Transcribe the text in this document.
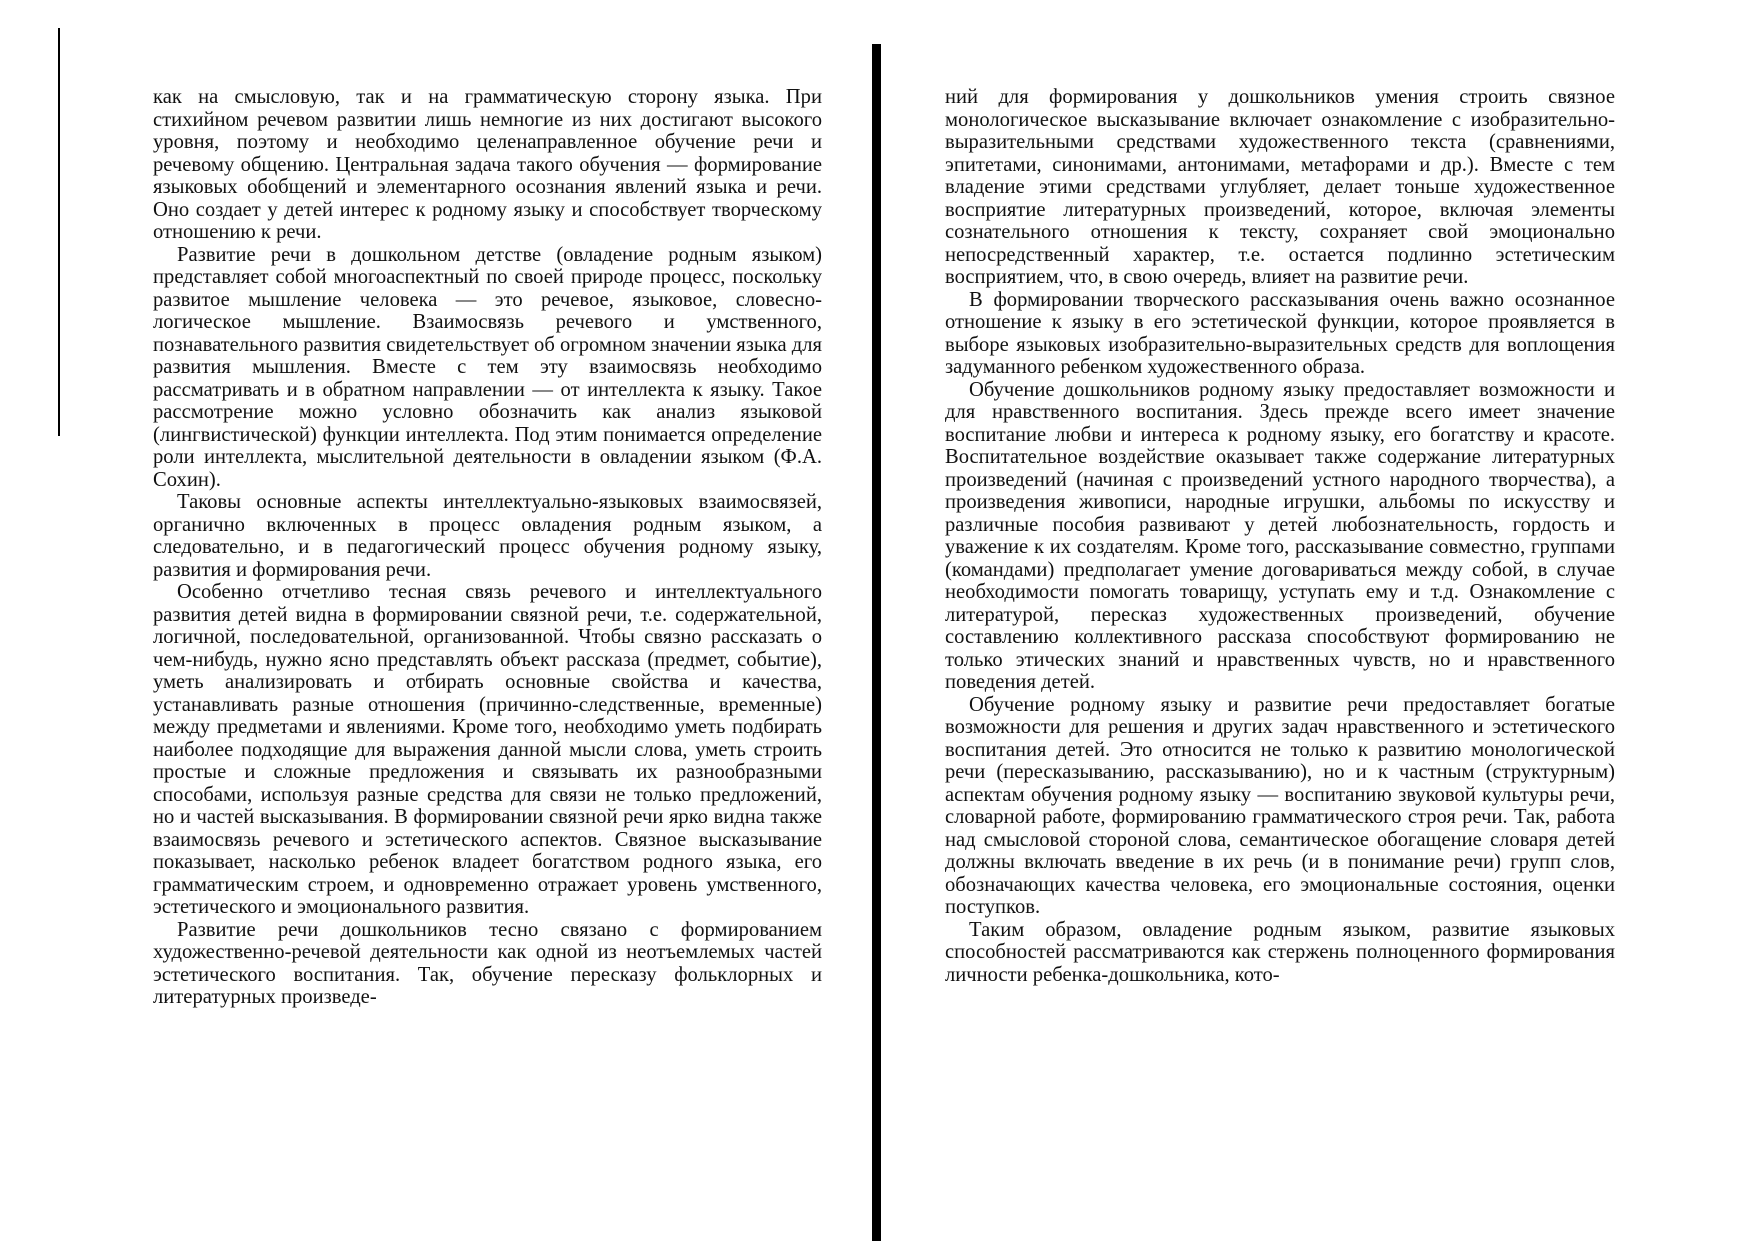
как на смысловую, так и на грамматическую сторону языка. При стихийном речевом развитии лишь немногие из них достигают высокого уровня, поэтому и необходимо целенаправленное обучение речи и речевому общению. Центральная задача такого обучения — формирование языковых обобщений и элементарного осознания явлений языка и речи. Оно создает у детей интерес к родному языку и способствует творческому отношению к речи.

Развитие речи в дошкольном детстве (овладение родным языком) представляет собой многоаспектный по своей природе процесс, поскольку развитое мышление человека — это речевое, языковое, словесно-логическое мышление. Взаимосвязь речевого и умственного, познавательного развития свидетельствует об огромном значении языка для развития мышления. Вместе с тем эту взаимосвязь необходимо рассматривать и в обратном направлении — от интеллекта к языку. Такое рассмотрение можно условно обозначить как анализ языковой (лингвистической) функции интеллекта. Под этим понимается определение роли интеллекта, мыслительной деятельности в овладении языком (Ф.А. Сохин).

Таковы основные аспекты интеллектуально-языковых взаимосвязей, органично включенных в процесс овладения родным языком, а следовательно, и в педагогический процесс обучения родному языку, развития и формирования речи.

Особенно отчетливо тесная связь речевого и интеллектуального развития детей видна в формировании связной речи, т.е. содержательной, логичной, последовательной, организованной. Чтобы связно рассказать о чем-нибудь, нужно ясно представлять объект рассказа (предмет, событие), уметь анализировать и отбирать основные свойства и качества, устанавливать разные отношения (причинно-следственные, временные) между предметами и явлениями. Кроме того, необходимо уметь подбирать наиболее подходящие для выражения данной мысли слова, уметь строить простые и сложные предложения и связывать их разнообразными способами, используя разные средства для связи не только предложений, но и частей высказывания. В формировании связной речи ярко видна также взаимосвязь речевого и эстетического аспектов. Связное высказывание показывает, насколько ребенок владеет богатством родного языка, его грамматическим строем, и одновременно отражает уровень умственного, эстетического и эмоционального развития.

Развитие речи дошкольников тесно связано с формированием художественно-речевой деятельности как одной из неотъемлемых частей эстетического воспитания. Так, обучение пересказу фольклорных и литературных произведе-

ний для формирования у дошкольников умения строить связное монологическое высказывание включает ознакомление с изобразительно-выразительными средствами художественного текста (сравнениями, эпитетами, синонимами, антонимами, метафорами и др.). Вместе с тем владение этими средствами углубляет, делает тоньше художественное восприятие литературных произведений, которое, включая элементы сознательного отношения к тексту, сохраняет свой эмоционально непосредственный характер, т.е. остается подлинно эстетическим восприятием, что, в свою очередь, влияет на развитие речи.

В формировании творческого рассказывания очень важно осознанное отношение к языку в его эстетической функции, которое проявляется в выборе языковых изобразительно-выразительных средств для воплощения задуманного ребенком художественного образа.

Обучение дошкольников родному языку предоставляет возможности и для нравственного воспитания. Здесь прежде всего имеет значение воспитание любви и интереса к родному языку, его богатству и красоте. Воспитательное воздействие оказывает также содержание литературных произведений (начиная с произведений устного народного творчества), а произведения живописи, народные игрушки, альбомы по искусству и различные пособия развивают у детей любознательность, гордость и уважение к их создателям. Кроме того, рассказывание совместно, группами (командами) предполагает умение договариваться между собой, в случае необходимости помогать товарищу, уступать ему и т.д. Ознакомление с литературой, пересказ художественных произведений, обучение составлению коллективного рассказа способствуют формированию не только этических знаний и нравственных чувств, но и нравственного поведения детей.

Обучение родному языку и развитие речи предоставляет богатые возможности для решения и других задач нравственного и эстетического воспитания детей. Это относится не только к развитию монологической речи (пересказыванию, рассказыванию), но и к частным (структурным) аспектам обучения родному языку — воспитанию звуковой культуры речи, словарной работе, формированию грамматического строя речи. Так, работа над смысловой стороной слова, семантическое обогащение словаря детей должны включать введение в их речь (и в понимание речи) групп слов, обозначающих качества человека, его эмоциональные состояния, оценки поступков.

Таким образом, овладение родным языком, развитие языковых способностей рассматриваются как стержень полноценного формирования личности ребенка-дошкольника, кото-
